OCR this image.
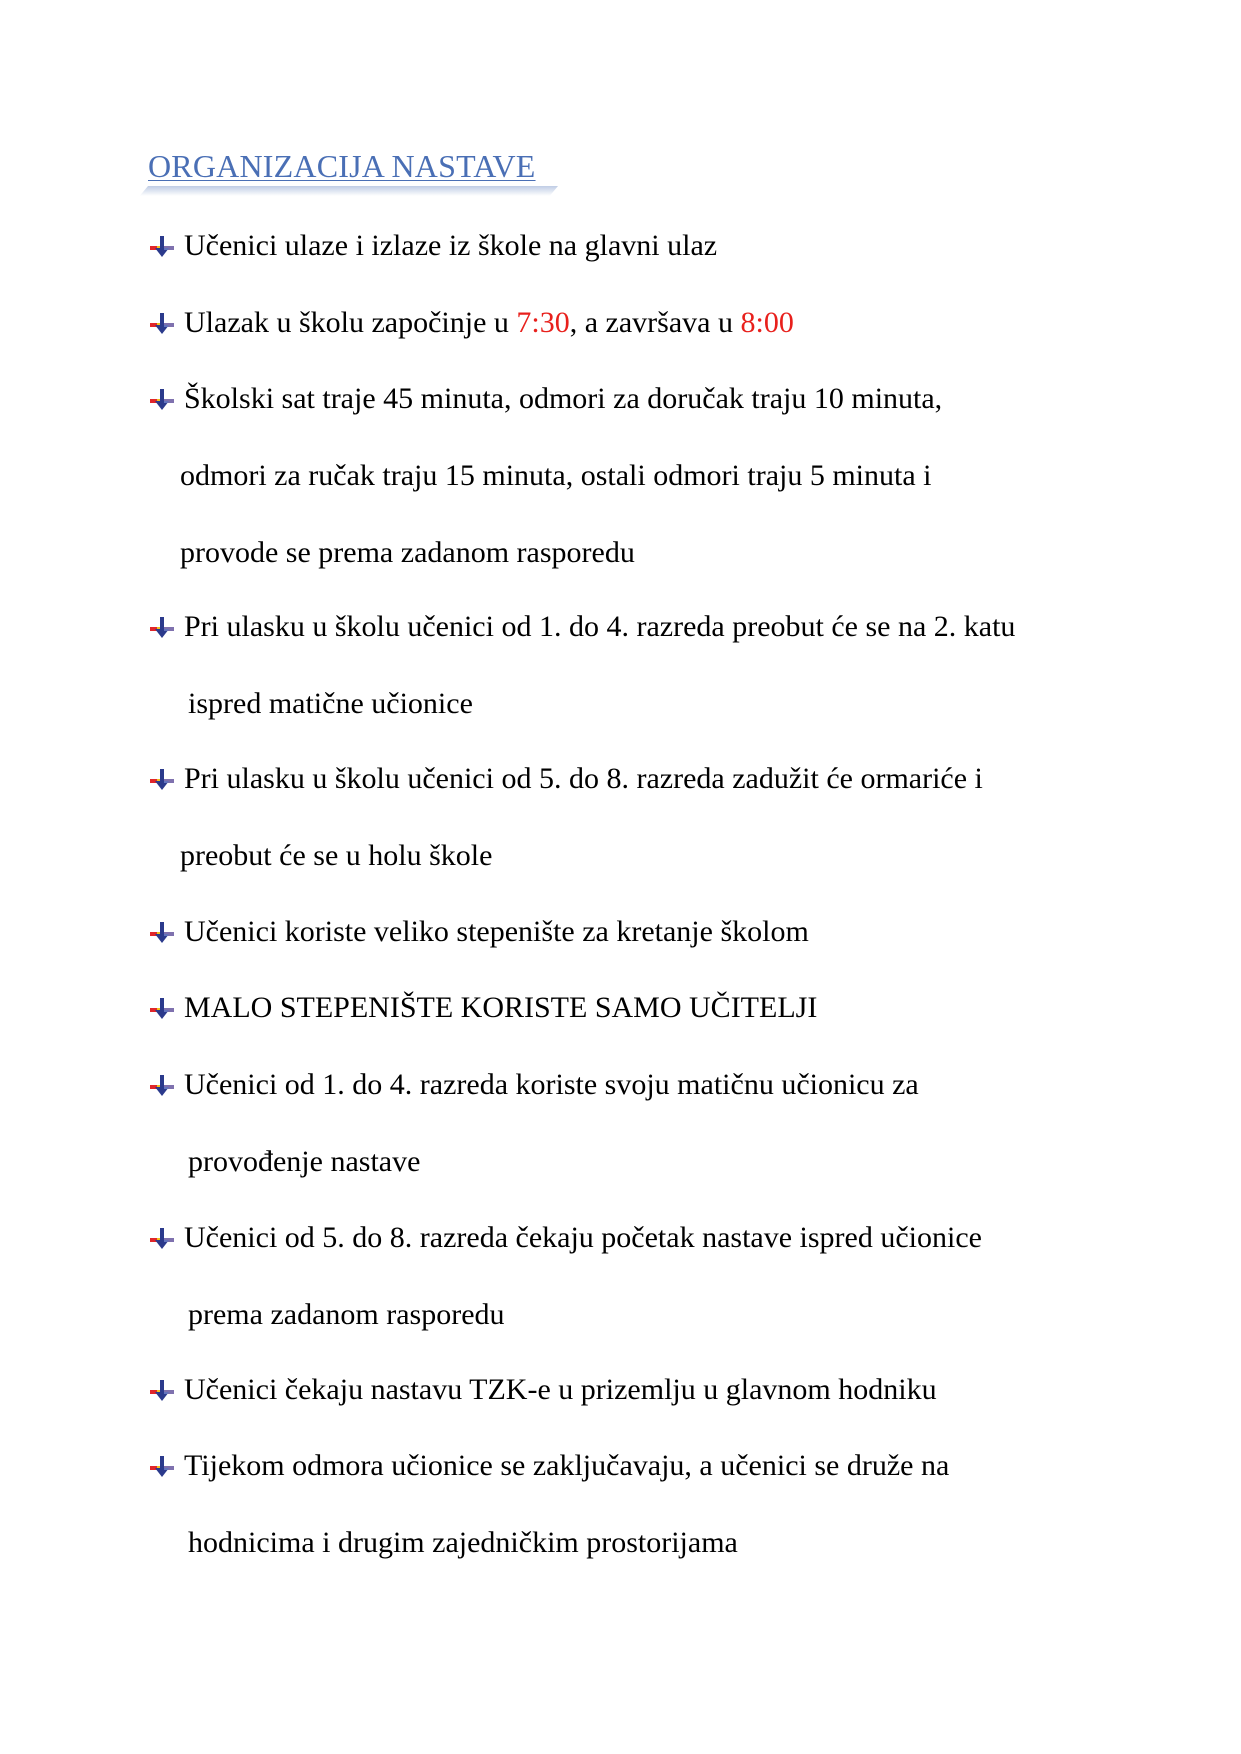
ORGANIZACIJA NASTAVE
Učenici ulaze i izlaze iz škole na glavni ulaz
Ulazak u školu započinje u 7:30, a završava u 8:00
Školski sat traje 45 minuta, odmori za doručak traju 10 minuta,
odmori za ručak traju 15 minuta, ostali odmori traju 5 minuta i
provode se prema zadanom rasporedu
Pri ulasku u školu učenici od 1. do 4. razreda preobut će se na 2. katu
ispred matične učionice
Pri ulasku u školu učenici od 5. do 8. razreda zadužit će ormariće i
preobut će se u holu škole
Učenici koriste veliko stepenište za kretanje školom
MALO STEPENIŠTE KORISTE SAMO UČITELJI
Učenici od 1. do 4. razreda koriste svoju matičnu učionicu za
provođenje nastave
Učenici od 5. do 8. razreda čekaju početak nastave ispred učionice
prema zadanom rasporedu
Učenici čekaju nastavu TZK-e u prizemlju u glavnom hodniku
Tijekom odmora učionice se zaključavaju, a učenici se druže na
hodnicima i drugim zajedničkim prostorijama
